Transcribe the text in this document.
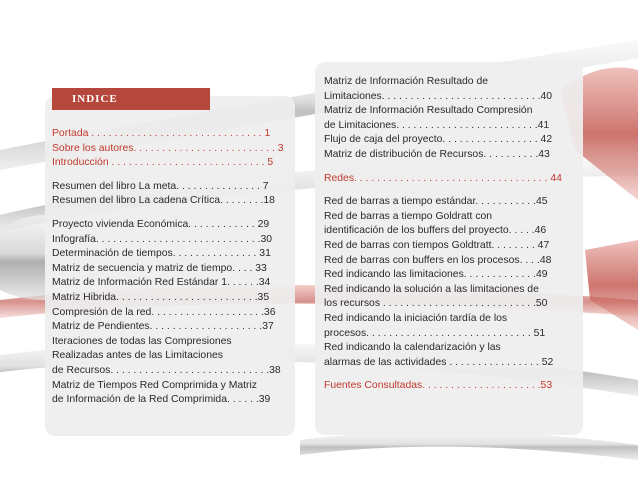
INDICE
Portada . . . . . . . . . . . . . . . . . . . . . . . . . . . . . . 1
Sobre los autores. . . . . . . . . . . . . . . . . . . . . . . . . 3
Introducción . . . . . . . . . . . . . . . . . . . . . . . . . . . 5
Resumen del libro La meta. . . . . . . . . . . . . . . 7
Resumen del libro La cadena Crítica. . . . . . . .18
Proyecto vivienda Económica. . . . . . . . . . . . 29
Infografía. . . . . . . . . . . . . . . . . . . . . . . . . . . . .30
Determinación de tiempos. . . . . . . . . . . . . . . 31
Matriz de secuencia y matriz de tiempo. . . . 33
Matriz de Información Red Estándar 1. . . . . .34
Matriz Hibrida. . . . . . . . . . . . . . . . . . . . . . . . .35
Compresión de la red. . . . . . . . . . . . . . . . . . . .36
Matriz de Pendientes. . . . . . . . . . . . . . . . . . . .37
Iteraciones de todas las Compresiones
Realizadas antes de las Limitaciones
de Recursos. . . . . . . . . . . . . . . . . . . . . . . . . . . .38
Matriz de Tiempos Red Comprimida y Matriz
de Información de la Red Comprimida. . . . . .39
Matriz de Información Resultado de
Limitaciones. . . . . . . . . . . . . . . . . . . . . . . . . . . .40
Matriz de Información Resultado Compresión
de Limitaciones. . . . . . . . . . . . . . . . . . . . . . . . .41
Flujo de caja del proyecto. . . . . . . . . . . . . . . . . 42
Matriz de distribución de Recursos. . . . . . . . . .43
Redes. . . . . . . . . . . . . . . . . . . . . . . . . . . . . . . . . . 44
Red de barras a tiempo estándar. . . . . . . . . . .45
Red de barras a tiempo Goldratt con
identificación de los buffers del proyecto. . . . .46
Red de barras con tiempos Goldtratt. . . . . . . . 47
Red de barras con buffers en los procesos. . . .48
Red indicando las limitaciones. . . . . . . . . . . . .49
Red indicando la solución a las limitaciones de
los recursos . . . . . . . . . . . . . . . . . . . . . . . . . . .50
Red indicando la iniciación tardía de los
procesos. . . . . . . . . . . . . . . . . . . . . . . . . . . . . 51
Red indicando la calendarización y las
alarmas de las actividades . . . . . . . . . . . . . . . . 52
Fuentes Consultadas. . . . . . . . . . . . . . . . . . . . .53
